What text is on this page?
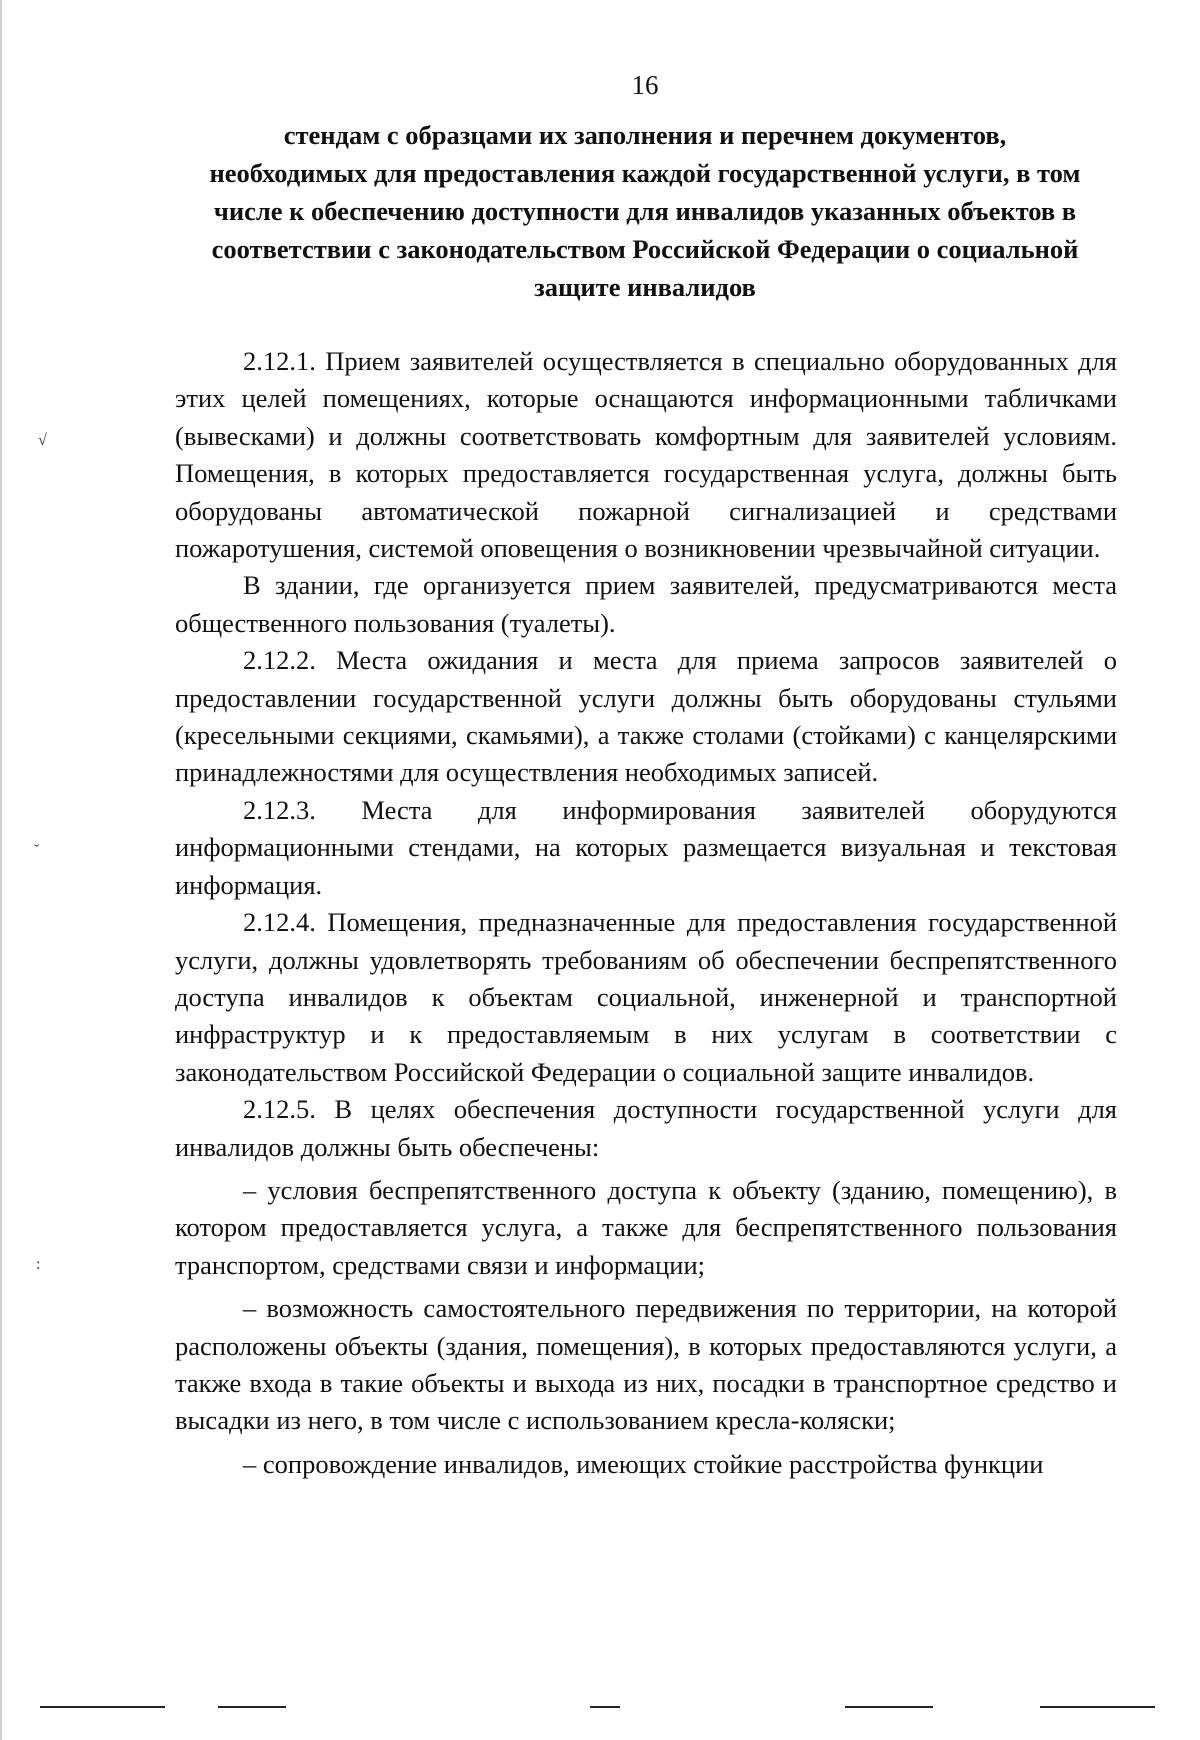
16
стендам с образцами их заполнения и перечнем документов,
необходимых для предоставления каждой государственной услуги, в том
числе к обеспечению доступности для инвалидов указанных объектов в
соответствии с законодательством Российской Федерации о социальной
защите инвалидов

2.12.1. Прием заявителей осуществляется в специально оборудованных для этих целей помещениях, которые оснащаются информационными табличками (вывесками) и должны соответствовать комфортным для заявителей условиям. Помещения, в которых предоставляется государственная услуга, должны быть оборудованы автоматической пожарной сигнализацией и средствами пожаротушения, системой оповещения о возникновении чрезвычайной ситуации.

В здании, где организуется прием заявителей, предусматриваются места общественного пользования (туалеты).

2.12.2. Места ожидания и места для приема запросов заявителей о предоставлении государственной услуги должны быть оборудованы стульями (кресельными секциями, скамьями), а также столами (стойками) с канцелярскими принадлежностями для осуществления необходимых записей.

2.12.3. Места для информирования заявителей оборудуются информационными стендами, на которых размещается визуальная и текстовая информация.

2.12.4. Помещения, предназначенные для предоставления государственной услуги, должны удовлетворять требованиям об обеспечении беспрепятственного доступа инвалидов к объектам социальной, инженерной и транспортной инфраструктур и к предоставляемым в них услугам в соответствии с законодательством Российской Федерации о социальной защите инвалидов.

2.12.5. В целях обеспечения доступности государственной услуги для инвалидов должны быть обеспечены:

– условия беспрепятственного доступа к объекту (зданию, помещению), в котором предоставляется услуга, а также для беспрепятственного пользования транспортом, средствами связи и информации;

– возможность самостоятельного передвижения по территории, на которой расположены объекты (здания, помещения), в которых предоставляются услуги, а также входа в такие объекты и выхода из них, посадки в транспортное средство и высадки из него, в том числе с использованием кресла-коляски;

– сопровождение инвалидов, имеющих стойкие расстройства функции

√
˘
:
